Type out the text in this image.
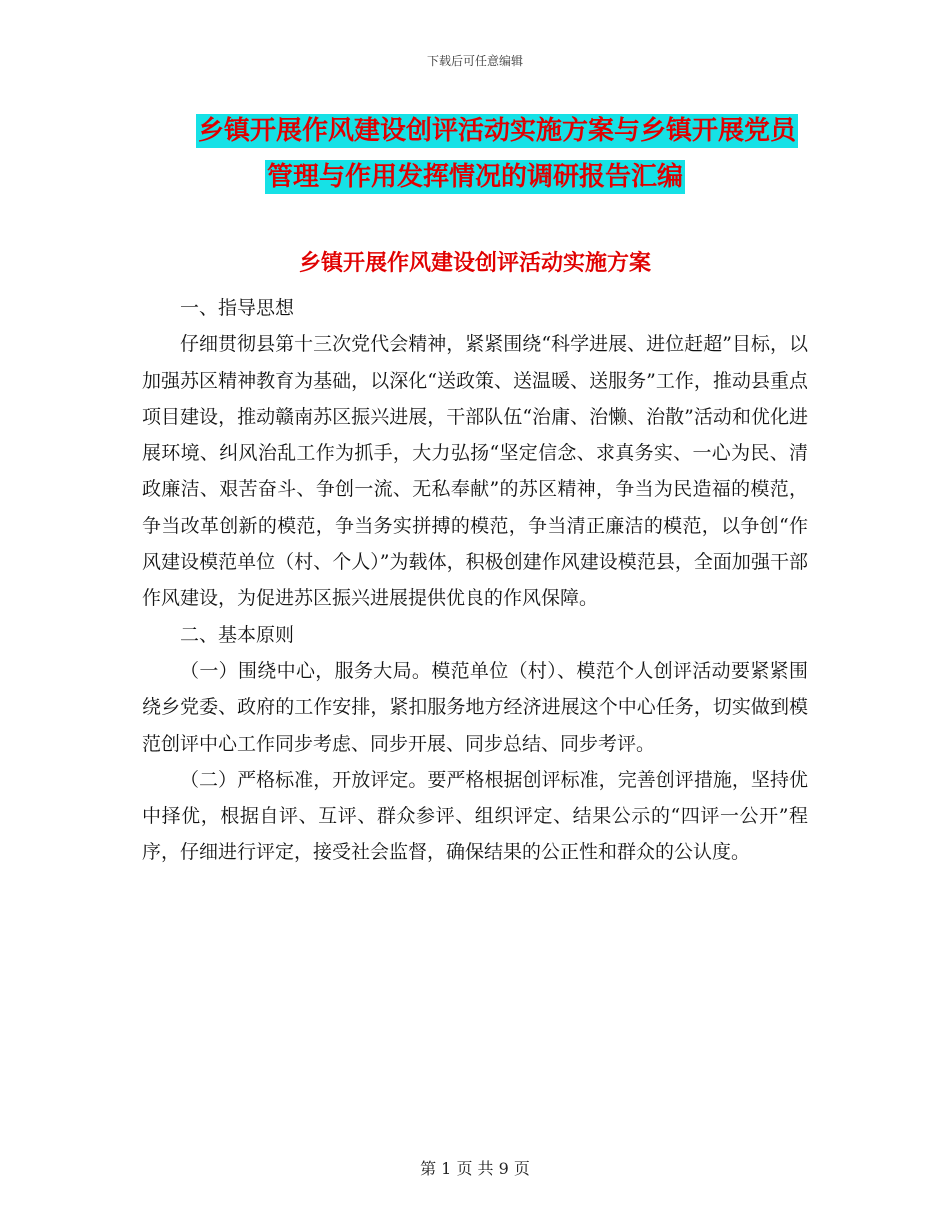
下载后可任意编辑
乡镇开展作风建设创评活动实施方案与乡镇开展党员
管理与作用发挥情况的调研报告汇编
乡镇开展作风建设创评活动实施方案

一、指导思想

仔细贯彻县第十三次党代会精神，紧紧围绕“科学进展、进位赶超”目标，以加强苏区精神教育为基础，以深化“送政策、送温暖、送服务”工作，推动县重点项目建设，推动赣南苏区振兴进展，干部队伍“治庸、治懒、治散”活动和优化进展环境、纠风治乱工作为抓手，大力弘扬“坚定信念、求真务实、一心为民、清政廉洁、艰苦奋斗、争创一流、无私奉献”的苏区精神，争当为民造福的模范，争当改革创新的模范，争当务实拼搏的模范，争当清正廉洁的模范，以争创“作风建设模范单位（村、个人）”为载体，积极创建作风建设模范县，全面加强干部作风建设，为促进苏区振兴进展提供优良的作风保障。

二、基本原则

（一）围绕中心，服务大局。模范单位（村）、模范个人创评活动要紧紧围绕乡党委、政府的工作安排，紧扣服务地方经济进展这个中心任务，切实做到模范创评中心工作同步考虑、同步开展、同步总结、同步考评。

（二）严格标准，开放评定。要严格根据创评标准，完善创评措施，坚持优中择优，根据自评、互评、群众参评、组织评定、结果公示的“四评一公开”程序，仔细进行评定，接受社会监督，确保结果的公正性和群众的公认度。

第 1 页 共 9 页
